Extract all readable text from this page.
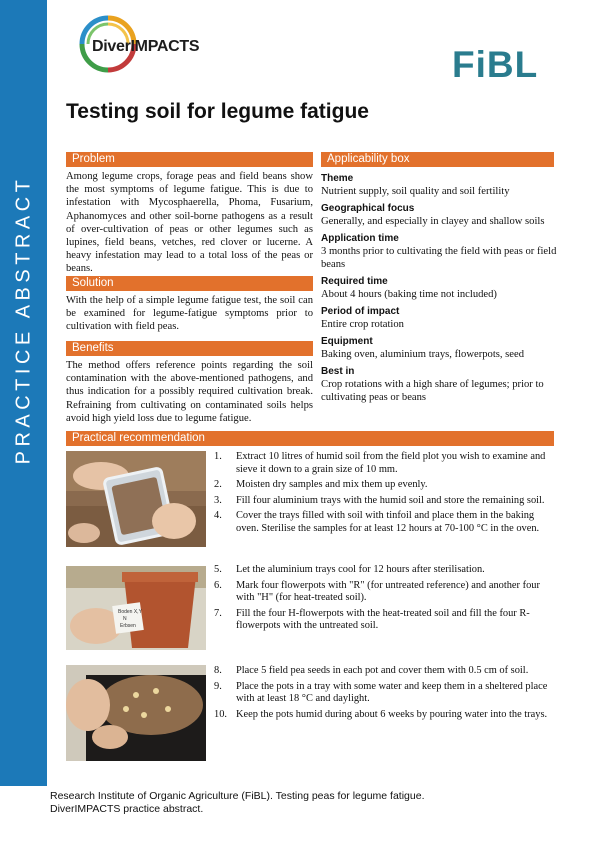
PRACTICE ABSTRACT
DiverIMPACTS	FiBL
Testing soil for legume fatigue
Problem
Among legume crops, forage peas and field beans show the most symptoms of legume fatigue. This is due to infestation with Mycosphaerella, Phoma, Fusarium, Aphanomyces and other soil-borne pathogens as a result of over-cultivation of peas or other legumes such as lupines, field beans, vetches, red clover or lucerne. A heavy infestation may lead to a total loss of the peas or beans.
Solution
With the help of a simple legume fatigue test, the soil can be examined for legume-fatigue symptoms prior to cultivation with field peas.
Benefits
The method offers reference points regarding the soil contamination with the above-mentioned pathogens, and thus indication for a possibly required cultivation break. Refraining from cultivating on contaminated soils helps avoid high yield loss due to legume fatigue.
Applicability box
Theme
Nutrient supply, soil quality and soil fertility
Geographical focus
Generally, and especially in clayey and shallow soils
Application time
3 months prior to cultivating the field with peas or field beans
Required time
About 4 hours (baking time not included)
Period of impact
Entire crop rotation
Equipment
Baking oven, aluminium trays, flowerpots, seed
Best in
Crop rotations with a high share of legumes; prior to cultivating peas or beans
Practical recommendation
Boden X,Y
N
Erbsen
1. Extract 10 litres of humid soil from the field plot you wish to examine and sieve it down to a grain size of 10 mm.
2. Moisten dry samples and mix them up evenly.
3. Fill four aluminium trays with the humid soil and store the remaining soil.
4. Cover the trays filled with soil with tinfoil and place them in the baking oven. Sterilise the samples for at least 12 hours at 70-100 °C in the oven.
5. Let the aluminium trays cool for 12 hours after sterilisation.
6. Mark four flowerpots with "R" (for untreated reference) and another four with "H" (for heat-treated soil).
7. Fill the four H-flowerpots with the heat-treated soil and fill the four R-flowerpots with the untreated soil.
8. Place 5 field pea seeds in each pot and cover them with 0.5 cm of soil.
9. Place the pots in a tray with some water and keep them in a sheltered place with at least 18 °C and daylight.
10. Keep the pots humid during about 6 weeks by pouring water into the trays.
Research Institute of Organic Agriculture (FiBL). Testing peas for legume fatigue.
DiverIMPACTS practice abstract.
